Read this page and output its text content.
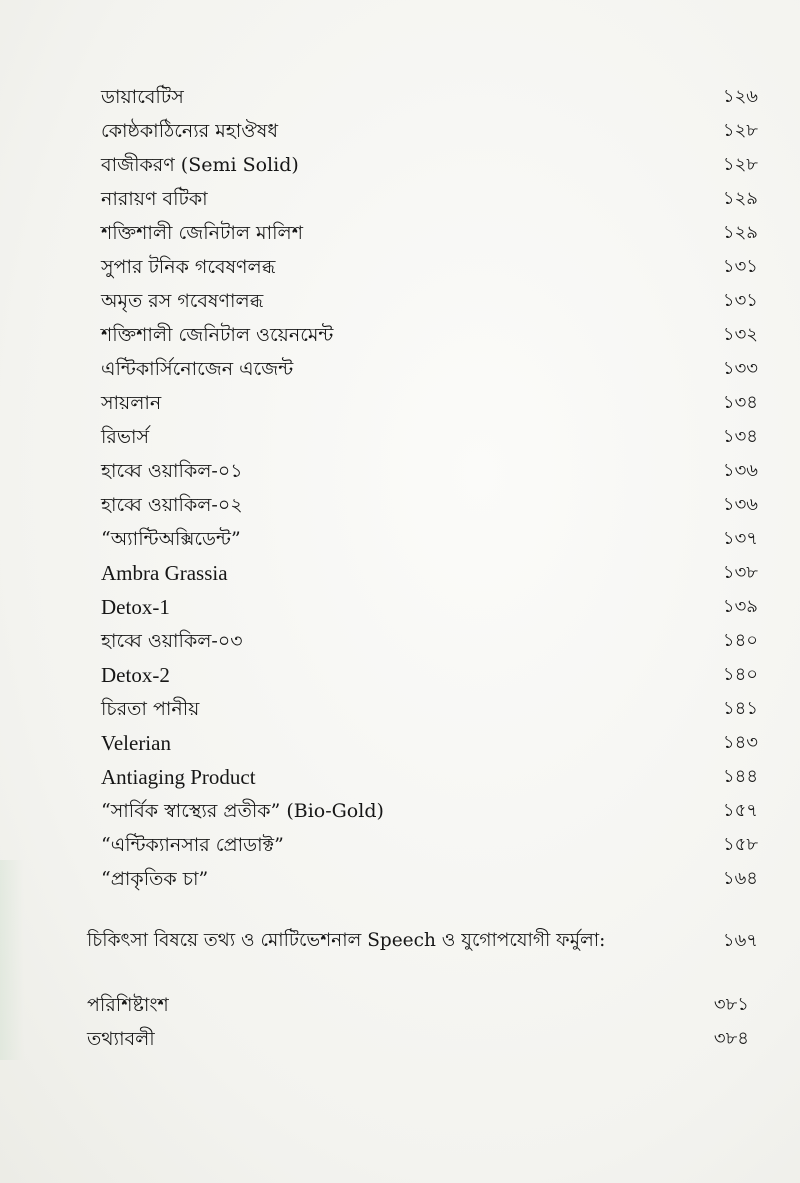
ডায়াবেটিস	১২৬
কোষ্ঠকাঠিন্যের মহাঔষধ	১২৮
বাজীকরণ (Semi Solid)	১২৮
নারায়ণ বটিকা	১২৯
শক্তিশালী জেনিটাল মালিশ	১২৯
সুপার টনিক গবেষণলব্ধ	১৩১
অমৃত রস গবেষণালব্ধ	১৩১
শক্তিশালী জেনিটাল ওয়েনমেন্ট	১৩২
এন্টিকার্সিনোজেন এজেন্ট	১৩৩
সায়লান	১৩৪
রিভার্স	১৩৪
হাব্বে ওয়াকিল-০১	১৩৬
হাব্বে ওয়াকিল-০২	১৩৬
“অ্যান্টিঅক্সিডেন্ট”	১৩৭
Ambra Grassia	১৩৮
Detox-1	১৩৯
হাব্বে ওয়াকিল-০৩	১৪০
Detox-2	১৪০
চিরতা পানীয়	১৪১
Velerian	১৪৩
Antiaging Product	১৪৪
“সার্বিক স্বাস্থ্যের প্রতীক” (Bio-Gold)	১৫৭
“এন্টিক্যানসার প্রোডাক্ট”	১৫৮
“প্রাকৃতিক চা”	১৬৪
চিকিৎসা বিষয়ে তথ্য ও মোটিভেশনাল Speech ও যুগোপযোগী ফর্মুলা:	১৬৭
পরিশিষ্টাংশ	৩৮১
তথ্যাবলী	৩৮৪
